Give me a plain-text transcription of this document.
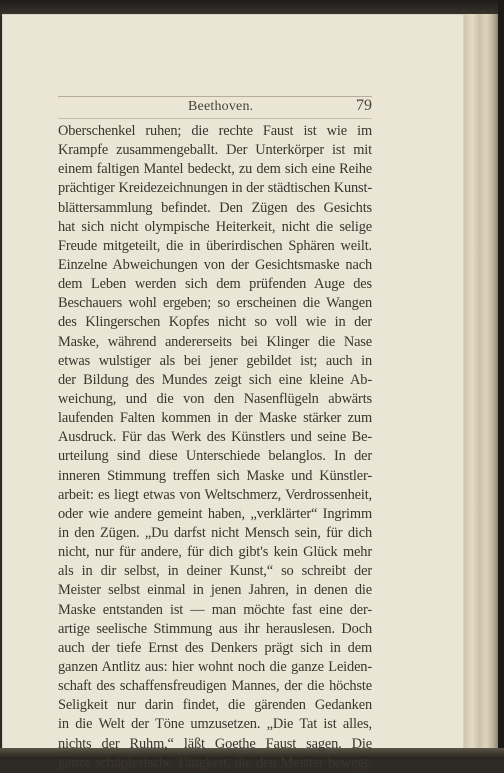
Beethoven.	79
Oberschenkel ruhen; die rechte Faust ist wie im
Krampfe zusammengeballt. Der Unterkörper ist mit
einem faltigen Mantel bedeckt, zu dem sich eine Reihe
prächtiger Kreidezeichnungen in der städtischen Kunst-
blättersammlung befindet. Den Zügen des Gesichts
hat sich nicht olympische Heiterkeit, nicht die selige
Freude mitgeteilt, die in überirdischen Sphären weilt.
Einzelne Abweichungen von der Gesichtsmaske nach
dem Leben werden sich dem prüfenden Auge des
Beschauers wohl ergeben; so erscheinen die Wangen
des Klingerschen Kopfes nicht so voll wie in der
Maske, während andererseits bei Klinger die Nase
etwas wulstiger als bei jener gebildet ist; auch in
der Bildung des Mundes zeigt sich eine kleine Ab-
weichung, und die von den Nasenflügeln abwärts
laufenden Falten kommen in der Maske stärker zum
Ausdruck. Für das Werk des Künstlers und seine Be-
urteilung sind diese Unterschiede belanglos. In der
inneren Stimmung treffen sich Maske und Künstler-
arbeit: es liegt etwas von Weltschmerz, Verdrossenheit,
oder wie andere gemeint haben, „verklärter“ Ingrimm
in den Zügen. „Du darfst nicht Mensch sein, für dich
nicht, nur für andere, für dich gibt's kein Glück mehr
als in dir selbst, in deiner Kunst,“ so schreibt der
Meister selbst einmal in jenen Jahren, in denen die
Maske entstanden ist — man möchte fast eine der-
artige seelische Stimmung aus ihr herauslesen. Doch
auch der tiefe Ernst des Denkers prägt sich in dem
ganzen Antlitz aus: hier wohnt noch die ganze Leiden-
schaft des schaffensfreudigen Mannes, der die höchste
Seligkeit nur darin findet, die gärenden Gedanken
in die Welt der Töne umzusetzen. „Die Tat ist alles,
nichts der Ruhm,“ läßt Goethe Faust sagen. Die
ganze schöpferische Tätigkeit, die den Meister bewegt,
